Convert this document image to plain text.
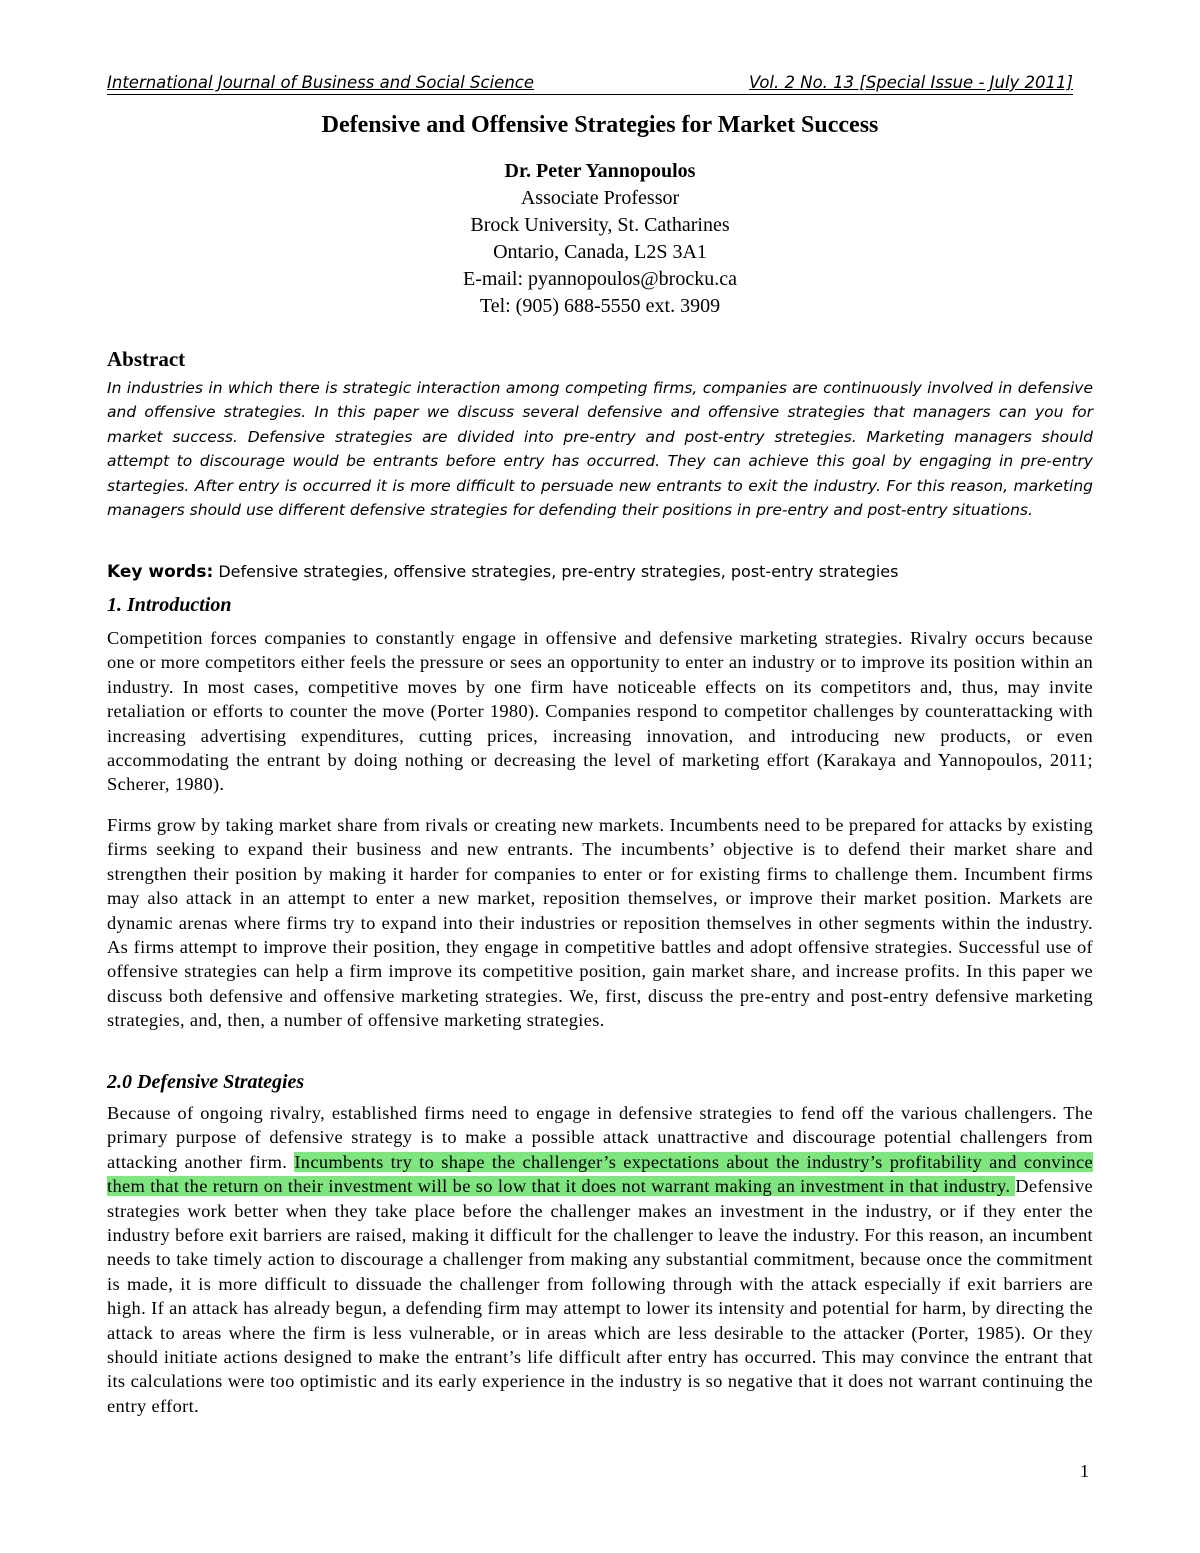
International Journal of Business and Social Science	Vol. 2 No. 13 [Special Issue - July 2011]
Defensive and Offensive Strategies for Market Success
Dr. Peter Yannopoulos
Associate Professor
Brock University, St. Catharines
Ontario, Canada, L2S 3A1
E-mail: pyannopoulos@brocku.ca
Tel: (905) 688-5550 ext. 3909
Abstract
In industries in which there is strategic interaction among competing firms, companies are continuously involved in defensive and offensive strategies. In this paper we discuss several defensive and offensive strategies that managers can you for market success. Defensive strategies are divided into pre-entry and post-entry stretegies. Marketing managers should attempt to discourage would be entrants before entry has occurred. They can achieve this goal by engaging in pre-entry startegies. After entry is occurred it is more difficult to persuade new entrants to exit the industry. For this reason, marketing managers should use different defensive strategies for defending their positions in pre-entry and post-entry situations.
Key words: Defensive strategies, offensive strategies, pre-entry strategies, post-entry strategies
1. Introduction
Competition forces companies to constantly engage in offensive and defensive marketing strategies. Rivalry occurs because one or more competitors either feels the pressure or sees an opportunity to enter an industry or to improve its position within an industry. In most cases, competitive moves by one firm have noticeable effects on its competitors and, thus, may invite retaliation or efforts to counter the move (Porter 1980). Companies respond to competitor challenges by counterattacking with increasing advertising expenditures, cutting prices, increasing innovation, and introducing new products, or even accommodating the entrant by doing nothing or decreasing the level of marketing effort (Karakaya and Yannopoulos, 2011; Scherer, 1980).
Firms grow by taking market share from rivals or creating new markets. Incumbents need to be prepared for attacks by existing firms seeking to expand their business and new entrants. The incumbents’ objective is to defend their market share and strengthen their position by making it harder for companies to enter or for existing firms to challenge them. Incumbent firms may also attack in an attempt to enter a new market, reposition themselves, or improve their market position. Markets are dynamic arenas where firms try to expand into their industries or reposition themselves in other segments within the industry. As firms attempt to improve their position, they engage in competitive battles and adopt offensive strategies. Successful use of offensive strategies can help a firm improve its competitive position, gain market share, and increase profits. In this paper we discuss both defensive and offensive marketing strategies. We, first, discuss the pre-entry and post-entry defensive marketing strategies, and, then, a number of offensive marketing strategies.
2.0 Defensive Strategies
Because of ongoing rivalry, established firms need to engage in defensive strategies to fend off the various challengers. The primary purpose of defensive strategy is to make a possible attack unattractive and discourage potential challengers from attacking another firm. Incumbents try to shape the challenger’s expectations about the industry’s profitability and convince them that the return on their investment will be so low that it does not warrant making an investment in that industry. Defensive strategies work better when they take place before the challenger makes an investment in the industry, or if they enter the industry before exit barriers are raised, making it difficult for the challenger to leave the industry. For this reason, an incumbent needs to take timely action to discourage a challenger from making any substantial commitment, because once the commitment is made, it is more difficult to dissuade the challenger from following through with the attack especially if exit barriers are high. If an attack has already begun, a defending firm may attempt to lower its intensity and potential for harm, by directing the attack to areas where the firm is less vulnerable, or in areas which are less desirable to the attacker (Porter, 1985). Or they should initiate actions designed to make the entrant’s life difficult after entry has occurred. This may convince the entrant that its calculations were too optimistic and its early experience in the industry is so negative that it does not warrant continuing the entry effort.
1
